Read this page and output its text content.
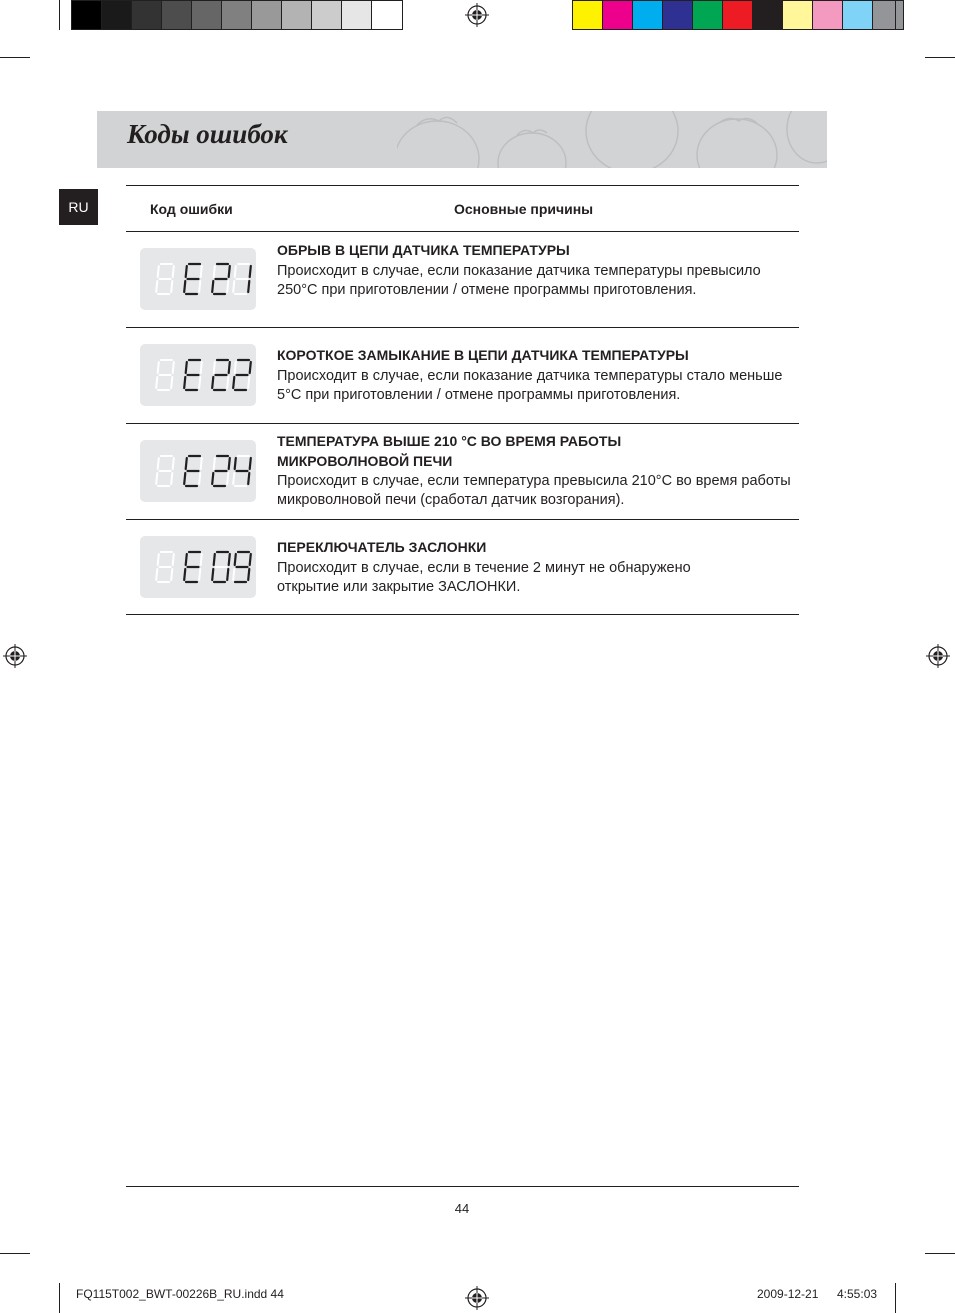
Коды ошибок
RU	Код ошибки	Основные причины
ОБРЫВ В ЦЕПИ ДАТЧИКА ТЕМПЕРАТУРЫ
Происходит в случае, если показание датчика температуры превысило 250°С при приготовлении / отмене программы приготовления.
КОРОТКОЕ ЗАМЫКАНИЕ В ЦЕПИ ДАТЧИКА ТЕМПЕРАТУРЫ
Происходит в случае, если показание датчика температуры стало меньше 5°С при приготовлении / отмене программы приготовления.
ТЕМПЕРАТУРА ВЫШЕ 210 °С ВО ВРЕМЯ РАБОТЫ МИКРОВОЛНОВОЙ ПЕЧИ
Происходит в случае, если температура превысила 210°С во время работы микроволновой печи (сработал датчик возгорания).
ПЕРЕКЛЮЧАТЕЛЬ ЗАСЛОНКИ
Происходит в случае, если в течение 2 минут не обнаружено открытие или закрытие ЗАСЛОНКИ.
44
FQ115T002_BWT-00226B_RU.indd 44	2009-12-21 4:55:03
